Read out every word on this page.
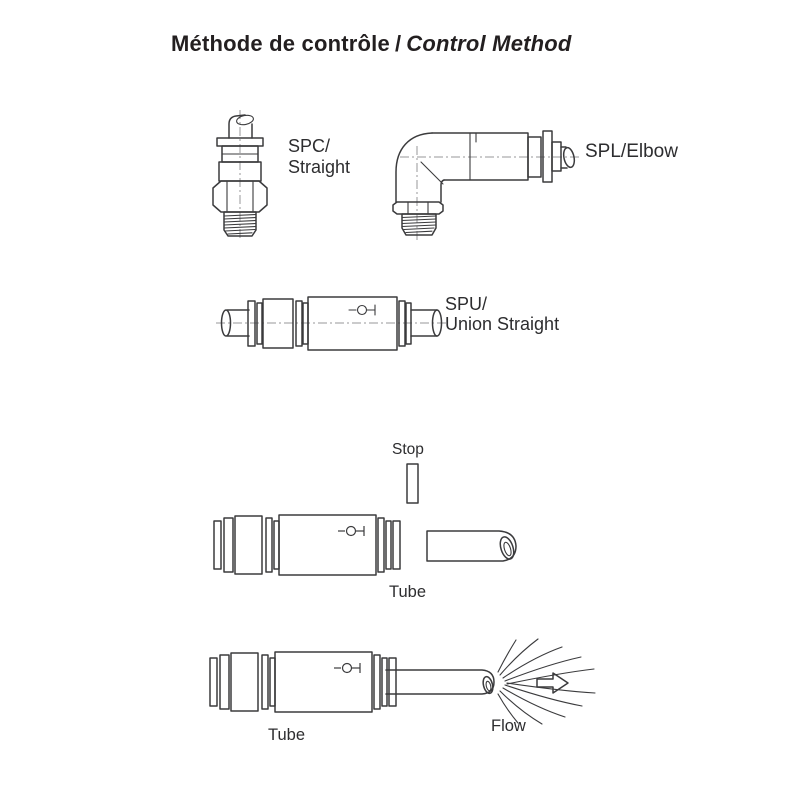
Méthode de contrôle / Control Method
SPC/
Straight
SPL/Elbow
SPU/
Union Straight
Stop
Tube
Tube	Flow
